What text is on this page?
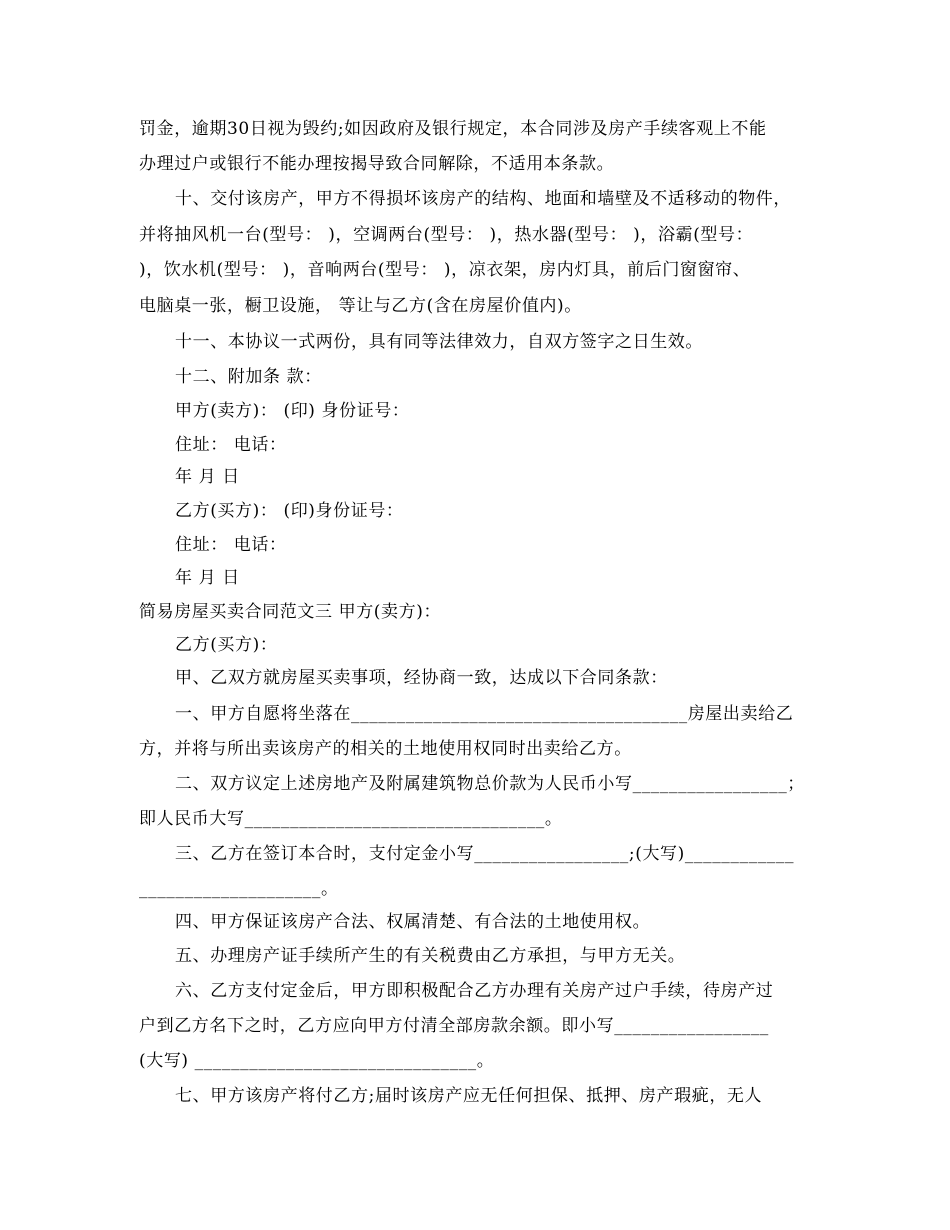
罚金，逾期30日视为毁约;如因政府及银行规定，本合同涉及房产手续客观上不能
办理过户或银行不能办理按揭导致合同解除，不适用本条款。
十、交付该房产，甲方不得损坏该房产的结构、地面和墙壁及不适移动的物件，
并将抽风机一台(型号： )，空调两台(型号： )，热水器(型号： )，浴霸(型号：
)，饮水机(型号： )，音响两台(型号： )，凉衣架，房内灯具，前后门窗窗帘、
电脑桌一张，橱卫设施， 等让与乙方(含在房屋价值内)。
十一、本协议一式两份，具有同等法律效力，自双方签字之日生效。
十二、附加条 款：
甲方(卖方)： (印) 身份证号：
住址： 电话：
年 月 日
乙方(买方)： (印)身份证号：
住址： 电话：
年 月 日
简易房屋买卖合同范文三 甲方(卖方)：
乙方(买方)：
甲、乙双方就房屋买卖事项，经协商一致，达成以下合同条款：
一、甲方自愿将坐落在_____________________________________房屋出卖给乙
方，并将与所出卖该房产的相关的土地使用权同时出卖给乙方。
二、双方议定上述房地产及附属建筑物总价款为人民币小写_________________；
即人民币大写_________________________________。
三、乙方在签订本合时，支付定金小写_________________;(大写)____________
____________________。
四、甲方保证该房产合法、权属清楚、有合法的土地使用权。
五、办理房产证手续所产生的有关税费由乙方承担，与甲方无关。
六、乙方支付定金后，甲方即积极配合乙方办理有关房产过户手续，待房产过
户到乙方名下之时，乙方应向甲方付清全部房款余额。即小写_________________
(大写) _______________________________。
七、甲方该房产将付乙方;届时该房产应无任何担保、抵押、房产瑕疵，无人
